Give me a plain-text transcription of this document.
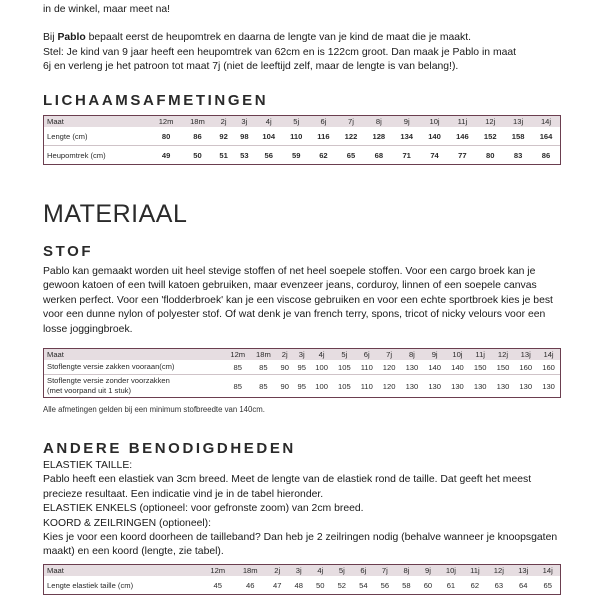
in de winkel, maar meet na!

Bij Pablo bepaalt eerst de heupomtrek en daarna de lengte van je kind de maat die je maakt.

Stel: Je kind van 9 jaar heeft een heupomtrek van 62cm en is 122cm groot. Dan maak je Pablo in maat

6j en verleng je het patroon tot maat 7j (niet de leeftijd zelf, maar de lengte is van belang!).

LICHAAMSAFMETINGEN
Maat	12m	18m	2j	3j	4j	5j	6j	7j	8j	9j	10j	11j	12j	13j	14j
Lengte (cm)	80	86	92	98	104	110	116	122	128	134	140	146	152	158	164
Heupomtrek (cm)	49	50	51	53	56	59	62	65	68	71	74	77	80	83	86
MATERIAAL
STOF

Pablo kan gemaakt worden uit heel stevige stoffen of net heel soepele stoffen. Voor een cargo broek kan je

gewoon katoen of een twill katoen gebruiken, maar evenzeer jeans, corduroy, linnen of een soepele canvas

werken perfect. Voor een 'flodderbroek' kan je een viscose gebruiken en voor een echte sportbroek kies je best

voor een dunne nylon of polyester stof. Of wat denk je van french terry, spons, tricot of nicky velours voor een

losse joggingbroek.

Maat	12m	18m	2j	3j	4j	5j	6j	7j	8j	9j	10j	11j	12j	13j	14j
Stoflengte versie zakken vooraan(cm)	85	85	90	95	100	105	110	120	130	140	140	150	150	160	160
Stoflengte versie zonder voorzakken
(met voorpand uit 1 stuk)	85	85	90	95	100	105	110	120	130	130	130	130	130	130	130
Alle afmetingen gelden bij een minimum stofbreedte van 140cm.
ANDERE BENODIGDHEDEN

ELASTIEK TAILLE:

Pablo heeft een elastiek van 3cm breed. Meet de lengte van de elastiek rond de taille. Dat geeft het meest

precieze resultaat. Een indicatie vind je in de tabel hieronder.

ELASTIEK ENKELS (optioneel: voor gefronste zoom) van 2cm breed.

KOORD & ZEILRINGEN (optioneel):

Kies je voor een koord doorheen de tailleband? Dan heb je 2 zeilringen nodig (behalve wanneer je knoopsgaten

maakt) en een koord (lengte, zie tabel).

Maat	12m	18m	2j	3j	4j	5j	6j	7j	8j	9j	10j	11j	12j	13j	14j
Lengte elastiek taille (cm)	45	46	47	48	50	52	54	56	58	60	61	62	63	64	65
